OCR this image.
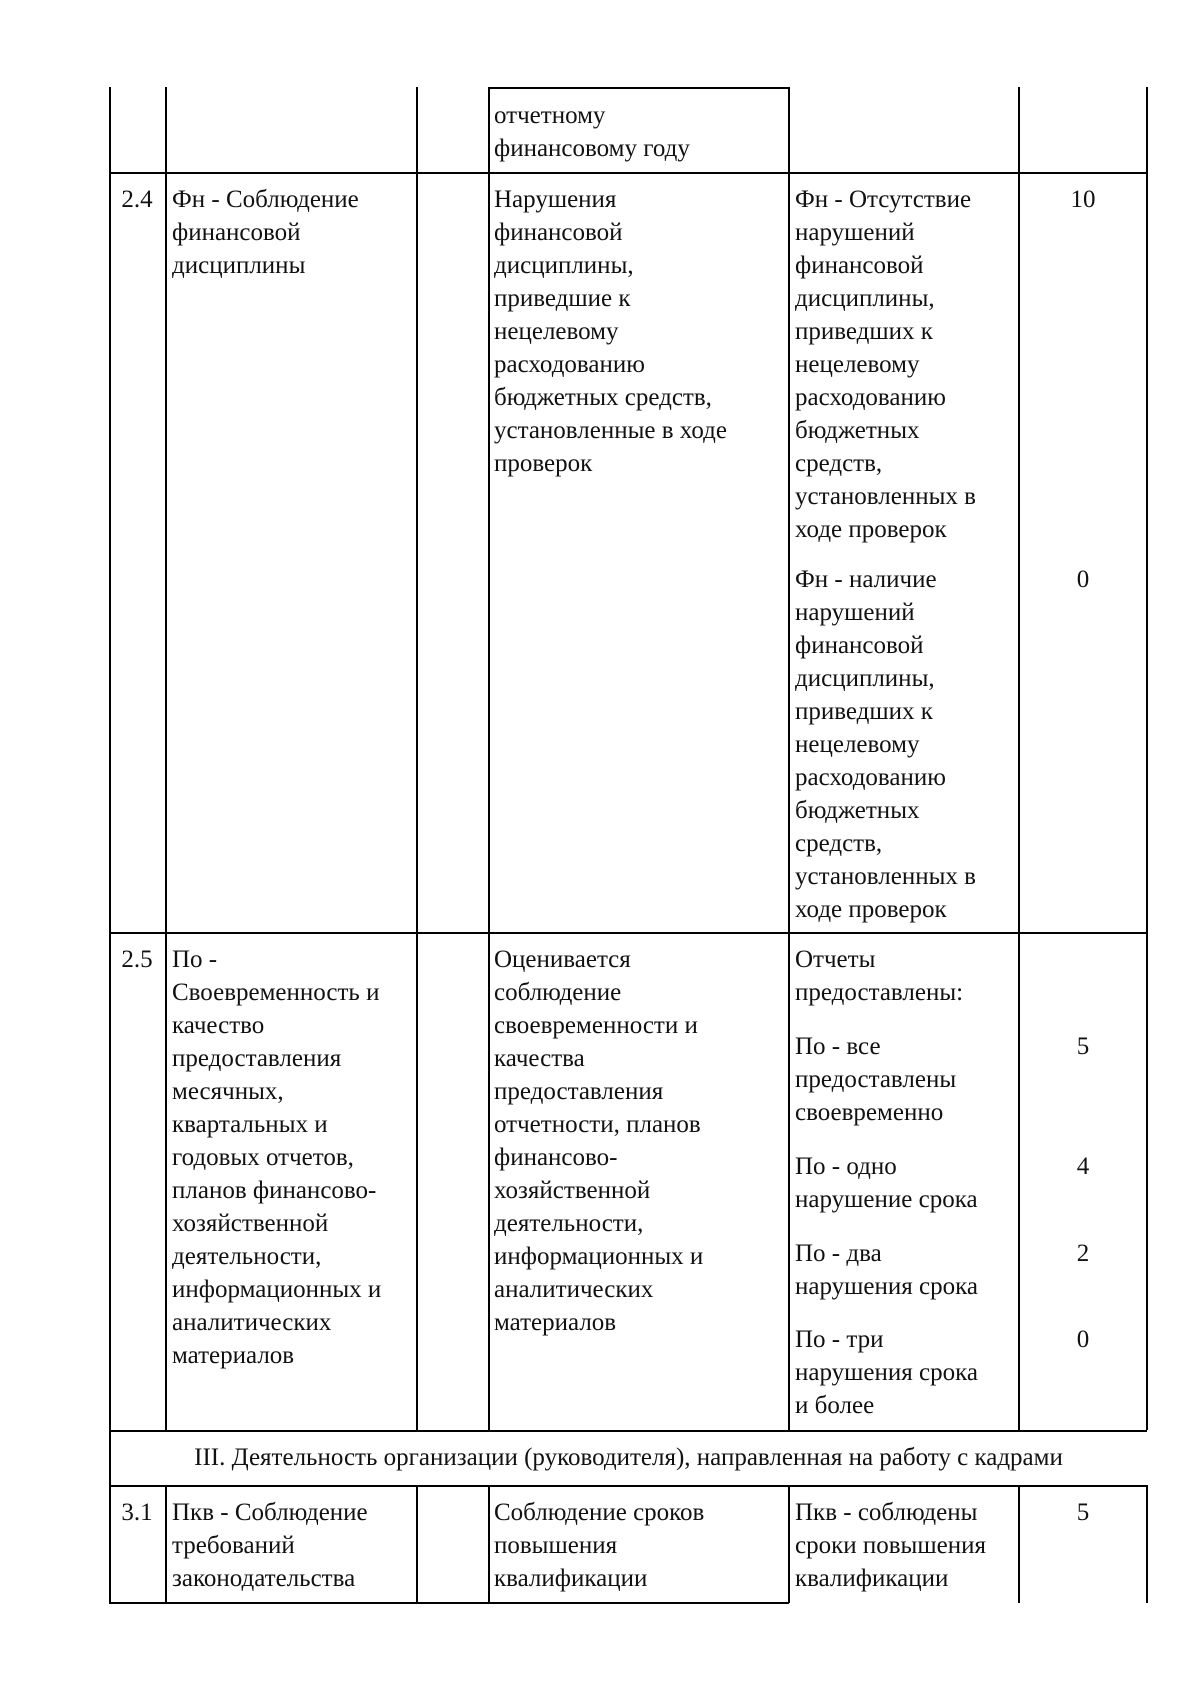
отчетному
финансовому году
2.4 Фн - Соблюдение
финансовой
дисциплины
Нарушения
финансовой
дисциплины,
приведшие к
нецелевому
расходованию
бюджетных средств,
установленные в ходе
проверок
Фн - Отсутствие
нарушений
финансовой
дисциплины,
приведших к
нецелевому
расходованию
бюджетных
средств,
установленных в
ходе проверок
10
Фн - наличие
нарушений
финансовой
дисциплины,
приведших к
нецелевому
расходованию
бюджетных
средств,
установленных в
ходе проверок
0
2.5 По -
Своевременность и
качество
предоставления
месячных,
квартальных и
годовых отчетов,
планов финансово-
хозяйственной
деятельности,
информационных и
аналитических
материалов
Оценивается
соблюдение
своевременности и
качества
предоставления
отчетности, планов
финансово-
хозяйственной
деятельности,
информационных и
аналитических
материалов
Отчеты
предоставлены:
По - все
предоставлены
своевременно
5
По - одно
нарушение срока
4
По - два
нарушения срока
2
По - три
нарушения срока
и более
0
III. Деятельность организации (руководителя), направленная на работу с кадрами
3.1 Пкв - Соблюдение
требований
законодательства
Соблюдение сроков
повышения
квалификации
Пкв - соблюдены
сроки повышения
квалификации
5
